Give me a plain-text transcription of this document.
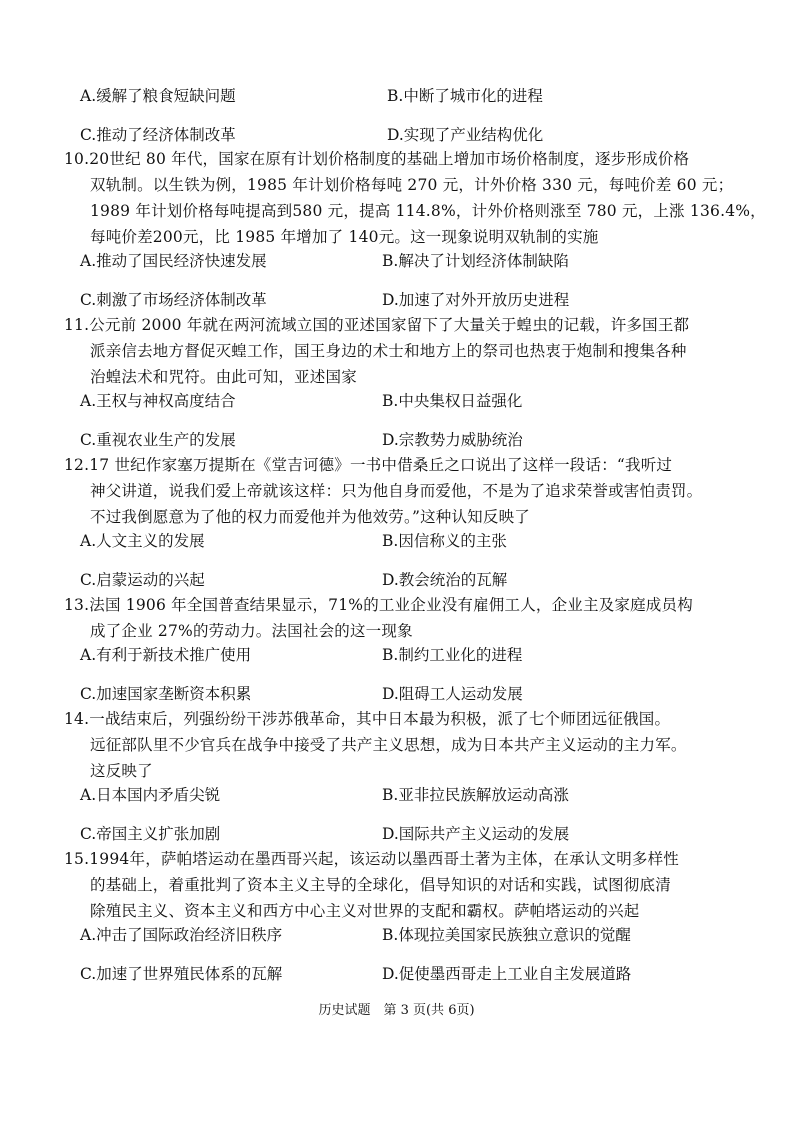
A.缓解了粮食短缺问题	B.中断了城市化的进程
C.推动了经济体制改革	D.实现了产业结构优化
10.20世纪 80 年代，国家在原有计划价格制度的基础上增加市场价格制度，逐步形成价格
双轨制。以生铁为例，1985 年计划价格每吨 270 元，计外价格 330 元，每吨价差 60 元；
1989 年计划价格每吨提高到580 元，提高 114.8%，计外价格则涨至 780 元，上涨 136.4%，
每吨价差200元，比 1985 年增加了 140元。这一现象说明双轨制的实施
A.推动了国民经济快速发展	B.解决了计划经济体制缺陷
C.刺激了市场经济体制改革	D.加速了对外开放历史进程
11.公元前 2000 年就在两河流域立国的亚述国家留下了大量关于蝗虫的记载，许多国王都
派亲信去地方督促灭蝗工作，国王身边的术士和地方上的祭司也热衷于炮制和搜集各种
治蝗法术和咒符。由此可知，亚述国家
A.王权与神权高度结合	B.中央集权日益强化
C.重视农业生产的发展	D.宗教势力威胁统治
12.17 世纪作家塞万提斯在《堂吉诃德》一书中借桑丘之口说出了这样一段话：“我听过
神父讲道，说我们爱上帝就该这样：只为他自身而爱他，不是为了追求荣誉或害怕责罚。
不过我倒愿意为了他的权力而爱他并为他效劳。”这种认知反映了
A.人文主义的发展	B.因信称义的主张
C.启蒙运动的兴起	D.教会统治的瓦解
13.法国 1906 年全国普查结果显示，71%的工业企业没有雇佣工人，企业主及家庭成员构
成了企业 27%的劳动力。法国社会的这一现象
A.有利于新技术推广使用	B.制约工业化的进程
C.加速国家垄断资本积累	D.阻碍工人运动发展
14.一战结束后，列强纷纷干涉苏俄革命，其中日本最为积极，派了七个师团远征俄国。
远征部队里不少官兵在战争中接受了共产主义思想，成为日本共产主义运动的主力军。
这反映了
A.日本国内矛盾尖锐	B.亚非拉民族解放运动高涨
C.帝国主义扩张加剧	D.国际共产主义运动的发展
15.1994年，萨帕塔运动在墨西哥兴起，该运动以墨西哥土著为主体，在承认文明多样性
的基础上，着重批判了资本主义主导的全球化，倡导知识的对话和实践，试图彻底清
除殖民主义、资本主义和西方中心主义对世界的支配和霸权。萨帕塔运动的兴起
A.冲击了国际政治经济旧秩序	B.体现拉美国家民族独立意识的觉醒
C.加速了世界殖民体系的瓦解	D.促使墨西哥走上工业自主发展道路
历史试题　第 3 页(共 6页)
